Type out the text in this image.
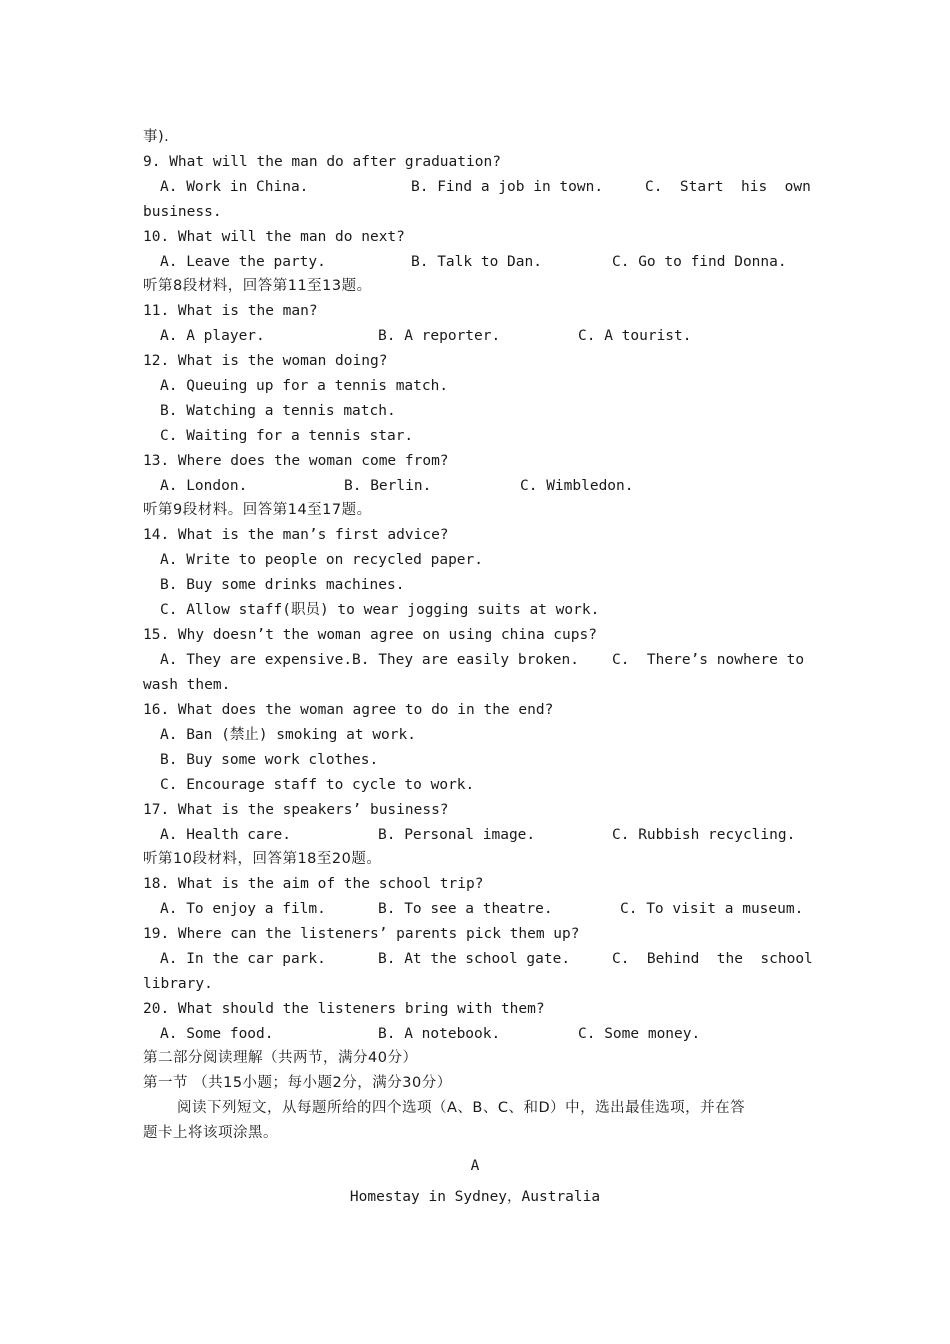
事).
9. What will the man do after graduation?
A. Work in China.	B. Find a job in town.	C.  Start  his  own
business.
10. What will the man do next?
A. Leave the party.	B. Talk to Dan.	C. Go to find Donna.
听第8段材料，回答第11至13题。
11. What is the man?
A. A player.	B. A reporter.	C. A tourist.
12. What is the woman doing?
A. Queuing up for a tennis match.
B. Watching a tennis match.
C. Waiting for a tennis star.
13. Where does the woman come from?
A. London.	B. Berlin.	C. Wimbledon.
听第9段材料。回答第14至17题。
14. What is the man’s first advice?
A. Write to people on recycled paper.
B. Buy some drinks machines.
C. Allow staff(职员) to wear jogging suits at work.
15. Why doesn’t the woman agree on using china cups?
A. They are expensive. B. They are easily broken. C.  There’s nowhere to
wash them.
16. What does the woman agree to do in the end?
A. Ban (禁止) smoking at work.
B. Buy some work clothes.
C. Encourage staff to cycle to work.
17. What is the speakers’ business?
A. Health care.	B. Personal image.	C. Rubbish recycling.
听第10段材料，回答第18至20题。
18. What is the aim of the school trip?
A. To enjoy a film.	B. To see a theatre.	C. To visit a museum.
19. Where can the listeners’ parents pick them up?
A. In the car park.	B. At the school gate.	C.  Behind  the  school
library.
20. What should the listeners bring with them?
A. Some food.	B. A notebook.	C. Some money.
第二部分阅读理解（共两节，满分40分）
第一节 （共15小题；每小题2分，满分30分）
阅读下列短文，从每题所给的四个选项（A、B、C、和D）中，选出最佳选项，并在答
题卡上将该项涂黑。
A
Homestay in Sydney，Australia
